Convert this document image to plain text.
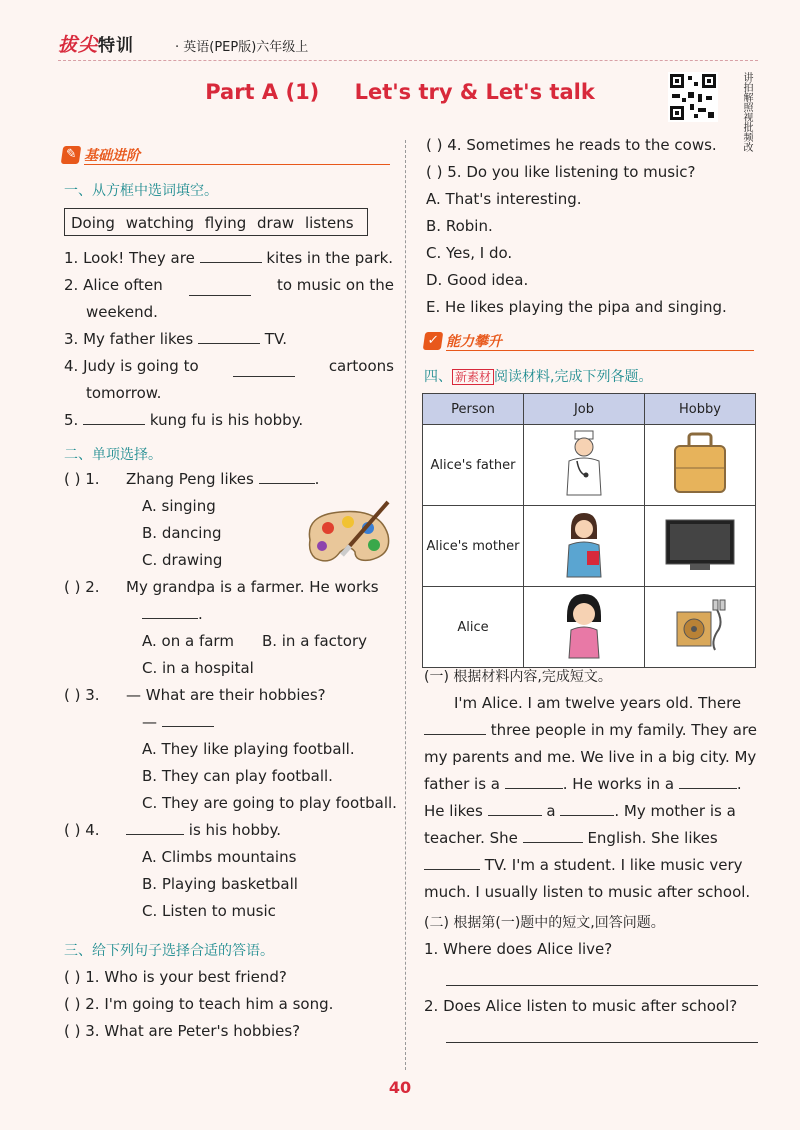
拔尖特训	· 英语(PEP版)六年级上
Part A (1) Let's try & Let's talk	讲拍解照视批频改
✎ 基础进阶
一、从方框中选词填空。
Doing watching flying draw listens
1. Look! They are	kites in the park.
2. Alice often	to music on the
weekend.
3. My father likes	TV.
4. Judy is going to	cartoons
tomorrow.
5.	kung fu is his hobby.
二、单项选择。
( ) 1. Zhang Peng likes	.
A. singing
B. dancing
C. drawing
( ) 2. My grandpa is a farmer. He works
.
A. on a farm B. in a factory
C. in a hospital
( ) 3. — What are their hobbies?
—
A. They like playing football.
B. They can play football.
C. They are going to play football.
( ) 4.	is his hobby.
A. Climbs mountains
B. Playing basketball
C. Listen to music
三、给下列句子选择合适的答语。
( ) 1. Who is your best friend?
( ) 2. I'm going to teach him a song.
( ) 3. What are Peter's hobbies?
( ) 4. Sometimes he reads to the cows.
( ) 5. Do you like listening to music?
A. That's interesting.
B. Robin.
C. Yes, I do.
D. Good idea.
E. He likes playing the pipa and singing.
✓ 能力攀升
四、 新素材 阅读材料,完成下列各题。
Person	Job	Hobby
Alice's father		
Alice's mother		
Alice		
(一) 根据材料内容,完成短文。
I'm Alice. I am twelve years old. There
three people in my family. They are
my parents and me. We live in a big city. My
father is a	. He works in a	.
He likes	a	. My mother is a
teacher. She	English. She likes
TV. I'm a student. I like music very
much. I usually listen to music after school.
(二) 根据第(一)题中的短文,回答问题。
1. Where does Alice live?
2. Does Alice listen to music after school?
40
